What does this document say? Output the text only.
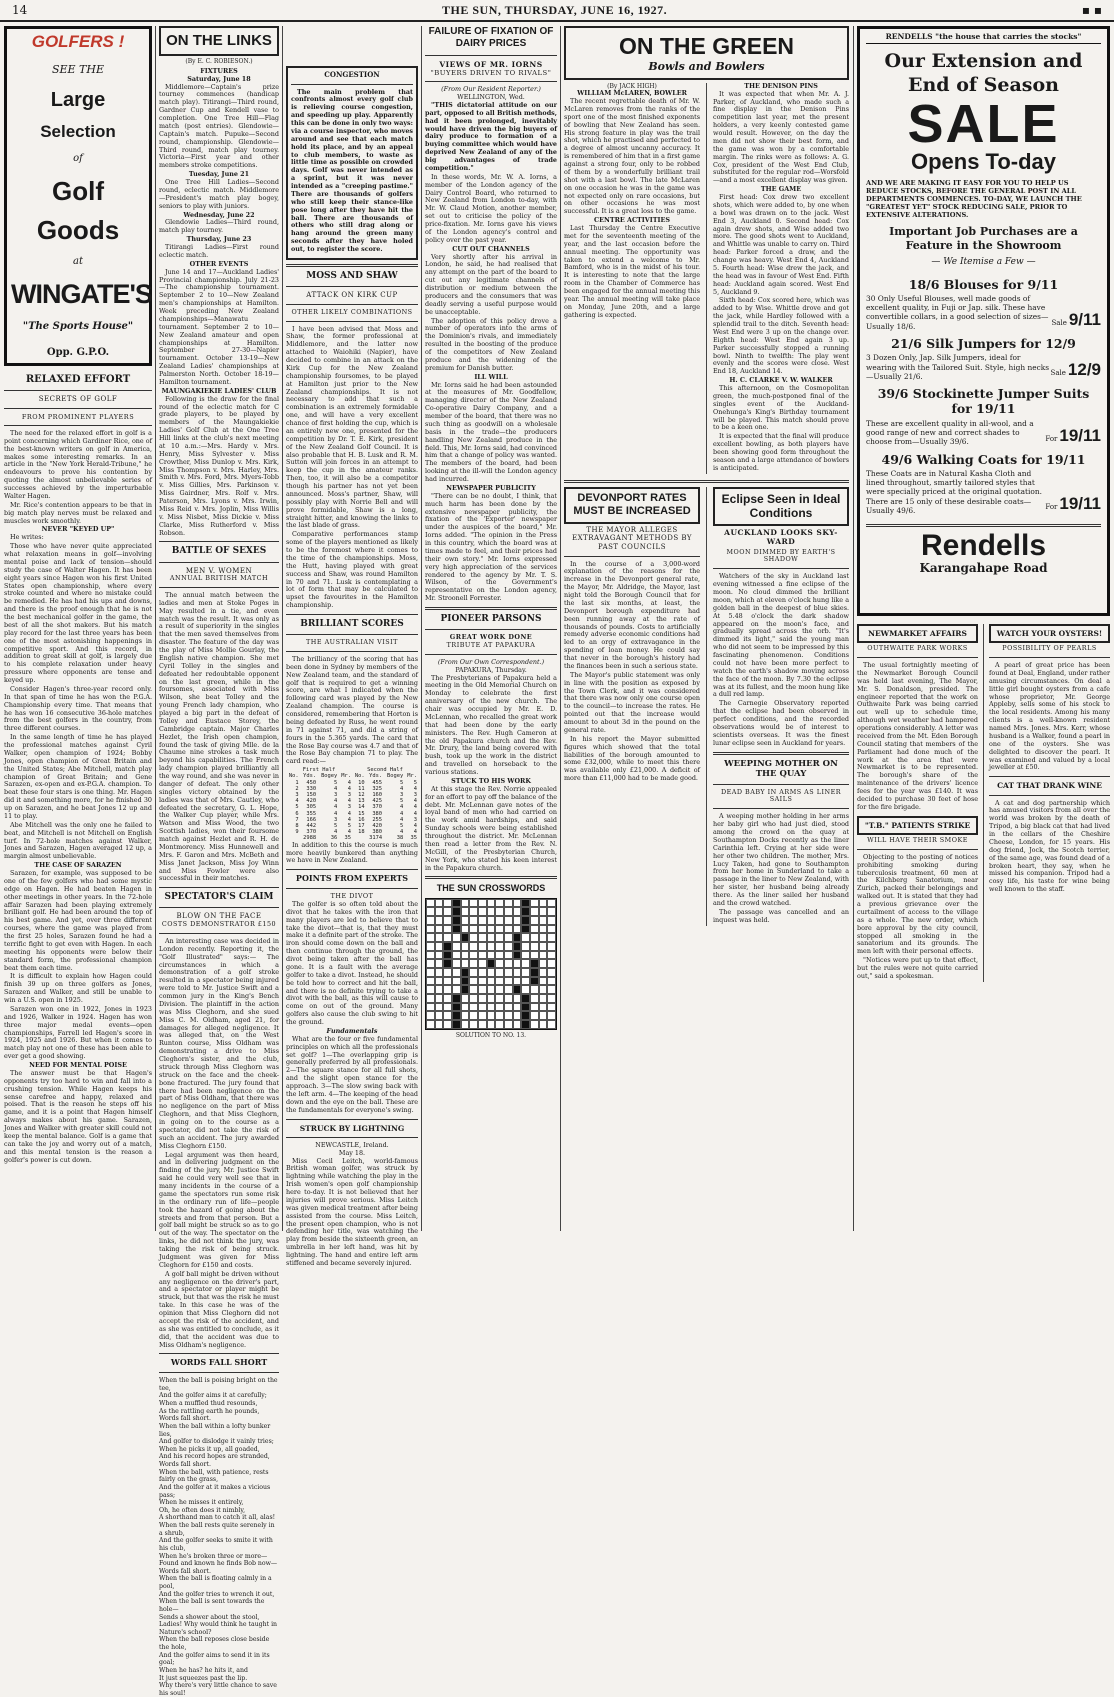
14	THE SUN, THURSDAY, JUNE 16, 1927.	▪ ▪
GOLFERS !
SEE THE
Large
Selection
of
Golf
Goods
at
WINGATE'S
"The Sports House"
Opp. G.P.O.
RELAXED EFFORT
SECRETS OF GOLF
FROM PROMINENT PLAYERS

The need for the relaxed effort in golf is a point concerning which Gardiner Rice, one of the best-known writers on golf in America, makes some interesting remarks. In an article in the "New York Herald-Tribune," he endeavours to prove his contention by quoting the almost unbelievable series of successes achieved by the imperturbable Walter Hagen.

Mr. Rice's contention appears to be that in big match play nerves must be relaxed and muscles work smoothly.

NEVER "KEYED UP"

He writes:

Those who have never quite appreciated what relaxation means in golf—involving mental poise and lack of tension—should study the case of Walter Hagen. It has been eight years since Hagen won his first United States open championship, where every stroke counted and where no mistake could be remedied. He has had his ups and downs, and there is the proof enough that he is not the best mechanical golfer in the game, the best of all the shot makers. But his match play record for the last three years has been one of the most astonishing happenings in competitive sport. And this record, in addition to great skill at golf, is largely due to his complete relaxation under heavy pressure where opponents are tense and keyed up.

Consider Hagen's three-year record only. In that span of time he has won the P.G.A. Championship every time. That means that he has won 16 consecutive 36-hole matches from the best golfers in the country, from three different courses.

In the same length of time he has played the professional matches against Cyril Walker, open champion of 1924; Bobby Jones, open champion of Great Britain and the United States; Abe Mitchell, match play champion of Great Britain; and Gene Sarazen, ex-open and ex-P.G.A. champion. To beat these four stars is one thing. Mr. Hagen did it and something more, for he finished 30 up on Sarazen, and he beat Jones 12 up and 11 to play.

Abe Mitchell was the only one he failed to beat, and Mitchell is not Mitchell on English turf. In 72-hole matches against Walker, Jones and Sarazen, Hagen averaged 12 up, a margin almost unbelievable.

THE CASE OF SARAZEN

Sarazen, for example, was supposed to be one of the few golfers who had some mystic edge on Hagen. He had beaten Hagen in other meetings in other years. In the 72-hole affair Sarazen had been playing extremely brilliant golf. He had been around the top of his best game. And yet, over three different courses, where the game was played from the first 25 holes, Sarazen found he had a terrific fight to get even with Hagen. In each meeting his opponents were below their standard form, the professional champion beat them each time.

It is difficult to explain how Hagen could finish 39 up on three golfers as Jones, Sarazen and Walker, and still be unable to win a U.S. open in 1925.

Sarazen won one in 1922, Jones in 1923 and 1926, Walker in 1924. Hagen has won three major medal events—open championships, Farrell led Hagen's score in 1924, 1925 and 1926. But when it comes to match play not one of these has been able to ever get a good showing.

NEED FOR MENTAL POISE

The answer must be that Hagen's opponents try too hard to win and fall into a crushing tension. While Hagen keeps his sense carefree and happy, relaxed and poised. That is the reason he steps off his game, and it is a point that Hagen himself always makes about his game. Sarazen, Jones and Walker with greater skill could not keep the mental balance. Golf is a game that can take the joy and worry out of a match, and this mental tension is the reason a golfer's power is cut down.

ON THE LINKS
(By E. C. ROBIESON.)
FIXTURES
Saturday, June 18

Middlemore—Captain's prize tourney commences (handicap match play). Titirangi—Third round, Gardner Cup and Kendell vase to completion. One Tree Hill—Flag match (post entries). Glendowie—Captain's match. Pupuke—Second round, championship. Glendowie—Third round, match play tourney. Victoria—First year and other members stroke competitions.

Tuesday, June 21

One Tree Hill Ladies—Second round, eclectic match. Middlemore—President's match play bogey, seniors to play with juniors.

Wednesday, June 22

Glendowie Ladies—Third round, match play tourney.

Thursday, June 23

Titirangi Ladies—First round eclectic match.

OTHER EVENTS

June 14 and 17—Auckland Ladies' Provincial championship. July 21-23—The championship tournament. September 2 to 10—New Zealand men's championships at Hamilton. Week preceding New Zealand championships—Manawatu tournament. September 2 to 10—New Zealand amateur and open championships at Hamilton. September 27-30—Napier tournament. October 13-19—New Zealand Ladies' championships at Palmerston North. October 18-19—Hamilton tournament.

MAUNGAKIEKIE LADIES' CLUB

Following is the draw for the final round of the eclectic match for C grade players, to be played by members of the Maungakiekie Ladies' Golf Club at the One Tree Hill links at the club's next meeting at 10 a.m.:—Mrs. Hardy v. Mrs. Henry, Miss Sylvester v. Miss Crowther, Miss Dunlop v. Mrs. Kirk, Miss Thompson v. Mrs. Harley, Mrs. Smith v. Mrs. Ford, Mrs. Myers-Tobb v. Miss Gillies, Mrs. Parkinson v. Miss Gairdner, Mrs. Rolf v. Mrs. Paterson, Mrs. Lyons v. Mrs. Irwin, Miss Reid v. Mrs. Joplin, Miss Willis v. Miss Nisbet, Miss Dickie v. Miss Clarke, Miss Rutherford v. Miss Robson.

BATTLE OF SEXES
MEN V. WOMEN
ANNUAL BRITISH MATCH

The annual match between the ladies and men at Stoke Poges in May resulted in a tie, and even match was the result. It was only as a result of superiority in the singles that the men saved themselves from disaster. The feature of the day was the play of Miss Mollie Gourlay, the English native champion. She met Cyril Tolley in the singles and defeated her redoubtable opponent on the last green, while in the foursomes, associated with Miss Wilson, she beat Tolley and the young French lady champion, who played a big part in the defeat of Tolley and Eustace Storey, the Cambridge captain. Major Charles Hezlet, the Irish open champion, found the task of giving Mlle. de la Chaume nine strokes a task much beyond his capabilities. The French lady champion played brilliantly all the way round, and she was never in danger of defeat. The only other singles victory obtained by the ladies was that of Mrs. Cautley, who defeated the secretary, G. L. Hope, the Walker Cup player, while Mrs. Watson and Miss Wood, the two Scottish ladies, won their foursome match against Hezlet and R. H. de Montmorency. Miss Hunnewell and Mrs. F. Garon and Mrs. McBeth and Miss Janet Jackson, Miss Joy Winn and Miss Fowler were also successful in their matches.

SPECTATOR'S CLAIM
BLOW ON THE FACE
COSTS DEMONSTRATOR £150

An interesting case was decided in London recently. Reporting it, the "Golf Illustrated" says:— The circumstances in which a demonstration of a golf stroke resulted in a spectator being injured were told to Mr. Justice Swift and a common jury in the King's Bench Division. The plaintiff in the action was Miss Cleghorn, and she sued Miss C. M. Oldham, aged 21, for damages for alleged negligence. It was alleged that, on the West Runton course, Miss Oldham was demonstrating a drive to Miss Cleghorn's sister, and the club, struck through Miss Cleghorn was struck on the face and the cheek-bone fractured. The jury found that there had been negligence on the part of Miss Oldham, that there was no negligence on the part of Miss Cleghorn, and that Miss Cleghorn, in going on to the course as a spectator, did not take the risk of such an accident. The jury awarded Miss Cleghorn £150.

Legal argument was then heard, and in delivering judgment on the finding of the jury, Mr. Justice Swift said he could very well see that in many incidents in the course of a game the spectators run some risk in the ordinary run of life—people took the hazard of going about the streets and from that person. But a golf ball might be struck so as to go out of the way. The spectator on the links, he did not think the jury, was taking the risk of being struck. Judgment was given for Miss Cleghorn for £150 and costs.

A golf ball might be driven without any negligence on the driver's part, and a spectator or player might be struck, but that was the risk he must take. In this case he was of the opinion that Miss Cleghorn did not accept the risk of the accident, and as she was entitled to conclude, as it did, that the accident was due to Miss Oldham's negligence.

WORDS FALL SHORT
When the ball is poising bright on the tee,
And the golfer aims it at carefully;
When a muffled thud resounds,
As the rattling earth he pounds,
Words fall short.
When the ball within a lofty bunker lies,
And golfer to dislodge it vainly tries;
When he picks it up, all goaded,
And his record hopes are stranded,
Words fall short.
When the ball, with patience, rests fairly on the grass,
And the golfer at it makes a vicious pass;
When he misses it entirely,
Oh, he often does it nimbly,
A shorthand man to catch it all, alas!
When the ball rests quite serenely in a shrub,
And the golfer seeks to smite it with his club,
When he's broken three or more—
Found and known he finds Bob now—
Words fall short.
When the ball is floating calmly in a pool,
And the golfer tries to wrench it out,
When the ball is sent towards the hole—
Sends a shower about the stool,
Ladies! Why would think he taught in Nature's school?
When the ball reposes close beside the hole,
And the golfer aims to send it in its goal;
When he has? he hits it, and
It just squeezes past the lip.
Why there's very little chance to save his soul!
CONGESTION

The main problem that confronts almost every golf club is relieving course congestion, and speeding up play. Apparently this can be done in only two ways: via a course inspector, who moves around and see that each match hold its place, and by an appeal to club members, to waste as little time as possible on crowded days. Golf was never intended as a sprint, but it was never intended as a "creeping pastime." There are thousands of golfers who still keep their stance-like pose long after they have hit the ball. There are thousands of others who still drag along or hang around the green many seconds after they have holed out, to register the score.

MOSS AND SHAW
ATTACK ON KIRK CUP
OTHER LIKELY COMBINATIONS

I have been advised that Moss and Shaw, the former professional at Middlemore, and the latter now attached to Waiohiki (Napier), have decided to combine in an attack on the Kirk Cup for the New Zealand championship foursomes, to be played at Hamilton just prior to the New Zealand championships. It is not necessary to add that such a combination is an extremely formidable one, and will have a very excellent chance of first holding the cup, which is an entirely new one, presented for the competition by Dr. T. E. Kirk, president of the New Zealand Golf Council. It is also probable that H. B. Lusk and R. M. Sutton will join forces in an attempt to keep the cup in the amateur ranks. Then, too, it will also be a competitor though his partner has not yet been announced. Moss's partner, Shaw, will possibly play with Norrie Bell and will prove formidable, Shaw is a long, straight hitter, and knowing the links to the last blade of grass.

Comparative performances stamp some of the players mentioned as likely to be the foremost where it comes to the time of the championships. Moss, the Hutt, having played with great success and Shaw, was round Hamilton in 70 and 71. Lusk is contemplating a lot of form that may be calculated to upset the favourites in the Hamilton championship.

BRILLIANT SCORES
THE AUSTRALIAN VISIT

The brilliancy of the scoring that has been done in Sydney by members of the New Zealand team, and the standard of golf that is required to get a winning score, are what I indicated when the following card was played by the New Zealand champion. The course is considered, remembering that Horton is being defeated by Russ, he went round in 71 against 71, and did a string of fours in the 5.365 yards. The card that the Rose Bay course was 4.7 and that of the Rose Bay champion 71 to play. The card read:—

First Half				Second Half			
No.	Yds.	Bogey	Mr.	No.	Yds.	Bogey	Mr.
1	450	5	4	10	455	5	5
2	330	4	4	11	325	4	4
3	150	3	3	12	160	3	3
4	420	4	4	13	425	5	4
5	305	4	3	14	370	4	4
6	355	4	4	15	380	4	4
7	166	3	4	16	255	4	3
8	442	5	5	17	420	5	4
9	370	4	4	18	380	4	4
	2988	36	35		3174	38	35

In addition to this the course is much more heavily bunkered than anything we have in New Zealand.

POINTS FROM EXPERTS
THE DIVOT

The golfer is so often told about the divot that he takes with the iron that many players are led to believe that to take the divot—that is, that they must make it a definite part of the stroke. The iron should come down on the ball and then continue through the ground, the divot being taken after the ball has gone. It is a fault with the average golfer to take a divot. Instead, he should be told how to correct and hit the ball, and there is no definite trying to take a divot with the ball, as this will cause to come on out of the ground. Many golfers also cause the club swing to hit the ground.

Fundamentals

What are the four or five fundamental principles on which all the professionals set golf? 1—The overlapping grip is generally preferred by all professionals. 2—The square stance for all full shots, and the slight open stance for the approach. 3—The slow swing back with the left arm. 4—The keeping of the head down and the eye on the ball. These are the fundamentals for everyone's swing.

STRUCK BY LIGHTNING
NEWCASTLE, Ireland.
May 18.

Miss Cecil Leitch, world-famous British woman golfer, was struck by lightning while watching the play in the Irish women's open golf championship here to-day. It is not believed that her injuries will prove serious. Miss Leitch was given medical treatment after being assisted from the course. Miss Leitch, the present open champion, who is not defending her title, was watching the play from beside the sixteenth green, an umbrella in her left hand, was hit by lightning. The hand and entire left arm stiffened and became severely injured.

FAILURE OF FIXATION OF DAIRY PRICES
VIEWS OF MR. IORNS
"BUYERS DRIVEN TO RIVALS"
(From Our Resident Reporter.)
WELLINGTON, Wed.

"THIS dictatorial attitude on our part, opposed to all British methods, had it been prolonged, inevitably would have driven the big buyers of dairy produce to formation of a buying committee which would have deprived New Zealand of any of the big advantages of trade competition."

In these words, Mr. W. A. Iorns, a member of the London agency of the Dairy Control Board, who returned to New Zealand from London to-day, with Mr. W. Claud Motion, another member, set out to criticise the policy of the price-fixation. Mr. Iorns gave his views of the London agency's control and policy over the past year.

CUT OUT CHANNELS

Very shortly after his arrival in London, he said, he had realised that any attempt on the part of the board to cut out any legitimate channels of distribution or medium between the producers and the consumers that was deadly serving a useful purpose would be unacceptable.

The adoption of this policy drove a number of operators into the arms of the Dominion's rivals, and immediately resulted in the boosting of the produce of the competitors of New Zealand produce and the widening of the premium for Danish butter.

ILL WILL

Mr. Iorns said he had been astounded at the measures of Mr. Goodfellow, managing director of the New Zealand Co-operative Dairy Company, and a member of the board, that there was no such thing as goodwill on a wholesale basis in the trade—the producers handling New Zealand produce in the field. This, Mr. Iorns said, had convinced him that a change of policy was wanted. The members of the board, had been looking at the ill-will the London agency had incurred.

NEWSPAPER PUBLICITY

"There can be no doubt, I think, that much harm has been done by the extensive newspaper publicity, the fixation of the 'Exporter' newspaper under the auspices of the board," Mr. Iorns added. "The opinion in the Press in this country, which the board was at times made to feel, and their prices had their own story." Mr. Iorns expressed very high appreciation of the services rendered to the agency by Mr. T. S. Wilson, of the Government's representative on the London agency, Mr. Stroonell Forrester.

PIONEER PARSONS
GREAT WORK DONE
TRIBUTE AT PAPAKURA
(From Our Own Correspondent.)
PAPAKURA, Thursday.

The Presbyterians of Papakura held a meeting in the Old Memorial Church on Monday to celebrate the first anniversary of the new church. The chair was occupied by Mr. E. D. McLennan, who recalled the great work that had been done by the early ministers. The Rev. Hugh Cameron at the old Papakura church and the Rev. Mr. Drury, the land being covered with bush, took up the work in the district and travelled on horseback to the various stations.

STUCK TO HIS WORK

At this stage the Rev. Norrie appealed for an effort to pay off the balance of the debt. Mr. McLennan gave notes of the loyal band of men who had carried on the work amid hardships, and said Sunday schools were being established throughout the district. Mr. McLennan then read a letter from the Rev. N. McGill, of the Presbyterian Church, New York, who stated his keen interest in the Papakura church.

THE SUN CROSSWORDS
SOLUTION TO NO. 13.
ON THE GREEN
Bowls and Bowlers
(By JACK HIGH)
WILLIAM McLAREN, BOWLER

The recent regrettable death of Mr. W. McLaren removes from the ranks of the sport one of the most finished exponents of bowling that New Zealand has seen. His strong feature in play was the trail shot, which he practised and perfected to a degree of almost uncanny accuracy. It is remembered of him that in a first game against a strong four, only to be robbed of them by a wonderfully brilliant trail shot with a last bowl. The late McLaren on one occasion he was in the game was not expected only on rare occasions, but on other occasions he was most successful. It is a great loss to the game.

CENTRE ACTIVITIES

Last Thursday the Centre Executive met for the seventeenth meeting of the year, and the last occasion before the annual meeting. The opportunity was taken to extend a welcome to Mr. Bamford, who is in the midst of his tour. It is interesting to note that the large room in the Chamber of Commerce has been engaged for the annual meeting this year. The annual meeting will take place on Monday, June 20th, and a large gathering is expected.

THE DENISON PINS

It was expected that when Mr. A. J. Parker, of Auckland, who made such a fine display in the Denison Pins competition last year, met the present holders, a very keenly contested game would result. However, on the day the men did not show their best form, and the game was won by a comfortable margin. The rinks were as follows: A. G. Cox, president of the West End Club, substituted for the regular rod—Worsfold—and a most excellent display was given.

THE GAME

First head: Cox drew two excellent shots, which were added to, by one when a bowl was drawn on to the jack. West End 3, Auckland 0. Second head: Cox again drew shots, and Wise added two more. The good shots went to Auckland, and Whittle was unable to carry on. Third head: Parker forced a draw, and the change was heavy. West End 4, Auckland 5. Fourth head: Wise drew the jack, and the head was in favour of West End. Fifth head: Auckland again scored. West End 5, Auckland 9.

Sixth head: Cox scored here, which was added to by Wise. Whittle drove and got the jack, while Hardley followed with a splendid trail to the ditch. Seventh head: West End were 3 up on the change over. Eighth head: West End again 3 up. Parker successfully stopped a running bowl. Ninth to twelfth: The play went evenly and the scores were close. West End 18, Auckland 14.

H. C. CLARKE V. W. WALKER

This afternoon, on the Cosmopolitan green, the much-postponed final of the singles event of the Auckland-Onehunga's King's Birthday tournament will be played. This match should prove to be a keen one.

It is expected that the final will produce excellent bowling, as both players have been showing good form throughout the season and a large attendance of bowlers is anticipated.

DEVONPORT RATES MUST BE INCREASED
THE MAYOR ALLEGES EXTRAVAGANT METHODS BY PAST COUNCILS

In the course of a 3,000-word explanation of the reasons for the increase in the Devonport general rate, the Mayor, Mr. Aldridge, the Mayor, last night told the Borough Council that for the last six months, at least, the Devonport borough expenditure had been running away at the rate of thousands of pounds. Costs to artificially remedy adverse economic conditions had led to an orgy of extravagance in the spending of loan money. He could say that never in the borough's history had the finances been in such a serious state.

The Mayor's public statement was only in line with the position as exposed by the Town Clerk, and it was considered that there was now only one course open to the council—to increase the rates. He pointed out that the increase would amount to about 3d in the pound on the general rate.

In his report the Mayor submitted figures which showed that the total liabilities of the borough amounted to some £32,000, while to meet this there was available only £21,000. A deficit of more than £11,000 had to be made good.

Eclipse Seen in Ideal Conditions
AUCKLAND LOOKS SKY-WARD
MOON DIMMED BY EARTH'S SHADOW

Watchers of the sky in Auckland last evening witnessed a fine eclipse of the moon. No cloud dimmed the brilliant moon, which at eleven o'clock hung like a golden ball in the deepest of blue skies. At 5.48 o'clock the dark shadow appeared on the moon's face, and gradually spread across the orb. "It's dimmed its light," said the young man who did not seem to be impressed by this fascinating phenomenon. Conditions could not have been more perfect to watch the earth's shadow moving across the face of the moon. By 7.30 the eclipse was at its fullest, and the moon hung like a dull red lamp.

The Carnegie Observatory reported that the eclipse had been observed in perfect conditions, and the recorded observations would be of interest to scientists overseas. It was the finest lunar eclipse seen in Auckland for years.

WEEPING MOTHER ON THE QUAY
DEAD BABY IN ARMS AS LINER SAILS

A weeping mother holding in her arms her baby girl who had just died, stood among the crowd on the quay at Southampton Docks recently as the liner Carinthia left. Crying at her side were her other two children. The mother, Mrs. Lucy Taken, had gone to Southampton from her home in Sunderland to take a passage in the liner to New Zealand, with her sister, her husband being already there. As the liner sailed her husband and the crowd watched.

The passage was cancelled and an inquest was held.

RENDELLS "the house that carries the stocks"
Our Extension and
End of Season
SALE
Opens To-day
AND WE ARE MAKING IT EASY FOR YOU TO HELP US REDUCE STOCKS, BEFORE THE GENERAL POST IN ALL DEPARTMENTS COMMENCES. TO-DAY, WE LAUNCH THE "GREATEST YET" STOCK REDUCING SALE, PRIOR TO EXTENSIVE ALTERATIONS.
Important Job Purchases are a Feature in the Showroom
— We Itemise a Few —
18/6 Blouses for 9/11
30 Only Useful Blouses, well made goods of excellent quality, in Fuji or Jap. silk. These have convertible collars, in a good selection of sizes—Usually 18/6.	Sale 9/11
21/6 Silk Jumpers for 12/9
3 Dozen Only, Jap. Silk Jumpers, ideal for wearing with the Tailored Suit. Style, high necks—Usually 21/6.	Sale 12/9
39/6 Stockinette Jumper Suits for 19/11
These are excellent quality in all-wool, and a good range of new and correct shades to choose from—Usually 39/6.	For 19/11
49/6 Walking Coats for 19/11
These Coats are in Natural Kasha Cloth and lined throughout, smartly tailored styles that were specially priced at the original quotation. There are 15 only of these desirable coats—Usually 49/6.	For 19/11
Rendells
Karangahape Road
NEWMARKET AFFAIRS
OUTHWAITE PARK WORKS

The usual fortnightly meeting of the Newmarket Borough Council was held last evening, The Mayor, Mr. S. Donaldson, presided. The engineer reported that the work on Outhwaite Park was being carried out well up to schedule time, although wet weather had hampered operations considerably. A letter was received from the Mt. Eden Borough Council stating that members of the Parliament had done much of the work at the area that were Newmarket is to be represented. The borough's share of the maintenance of the drivers' licence fees for the year was £140. It was decided to purchase 30 feet of hose for the fire brigade.

"T.B." PATIENTS STRIKE
WILL HAVE THEIR SMOKE

Objecting to the posting of notices prohibiting smoking during tuberculosis treatment, 60 men at the Kilchberg Sanatorium, near Zurich, packed their belongings and walked out. It is stated that they had a previous grievance over the curtailment of access to the village as a whole. The new order, which bore approval by the city council, stopped all smoking in the sanatorium and its grounds. The men left with their personal effects.

"Notices were put up to that effect, but the rules were not quite carried out," said a spokesman.

WATCH YOUR OYSTERS!
POSSIBILITY OF PEARLS

A pearl of great price has been found at Deal, England, under rather amusing circumstances. On deal a little girl bought oysters from a cafe whose proprietor, Mr. George Appleby, sells some of his stock to the local residents. Among his many clients is a well-known resident named Mrs. Jones. Mrs. Kerr, whose husband is a Walker, found a pearl in one of the oysters. She was delighted to discover the pearl. It was examined and valued by a local jeweller at £50.

CAT THAT DRANK WINE

A cat and dog partnership which has amused visitors from all over the world was broken by the death of Tripod, a big black cat that had lived in the cellars of the Cheshire Cheese, London, for 15 years. His dog friend, Jock, the Scotch terrier, of the same age, was found dead of a broken heart, they say, when he missed his companion. Tripod had a cosy life, his taste for wine being well known to the staff.
